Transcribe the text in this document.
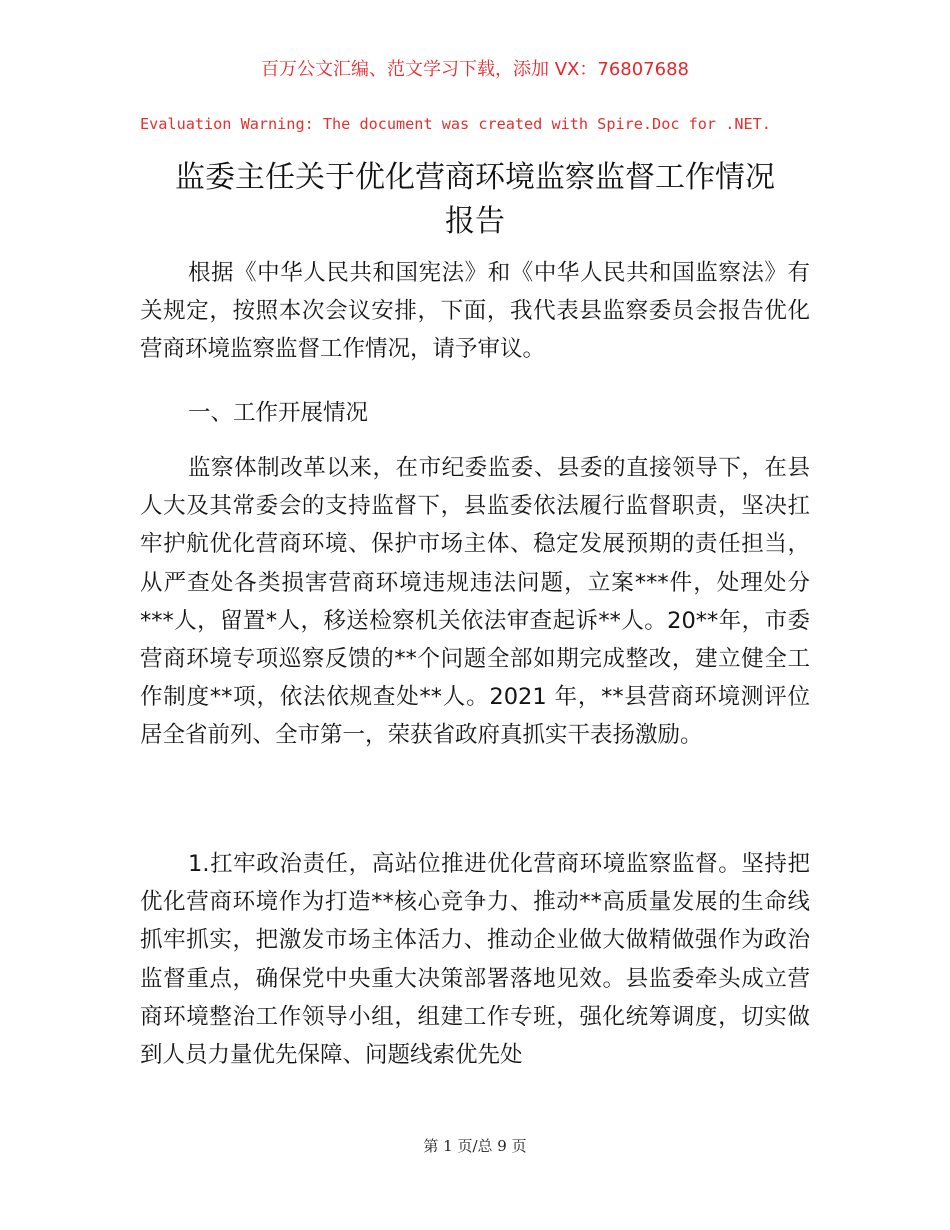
百万公文汇编、范文学习下载，添加 VX：76807688
Evaluation Warning: The document was created with Spire.Doc for .NET.
监委主任关于优化营商环境监察监督工作情况
报告

根据《中华人民共和国宪法》和《中华人民共和国监察法》有关规定，按照本次会议安排，下面，我代表县监察委员会报告优化营商环境监察监督工作情况，请予审议。

一、工作开展情况

监察体制改革以来，在市纪委监委、县委的直接领导下，在县人大及其常委会的支持监督下，县监委依法履行监督职责，坚决扛牢护航优化营商环境、保护市场主体、稳定发展预期的责任担当，从严查处各类损害营商环境违规违法问题，立案***件，处理处分***人，留置*人，移送检察机关依法审查起诉**人。20**年，市委营商环境专项巡察反馈的**个问题全部如期完成整改，建立健全工作制度**项，依法依规查处**人。2021 年，**县营商环境测评位居全省前列、全市第一，荣获省政府真抓实干表扬激励。

1.扛牢政治责任，高站位推进优化营商环境监察监督。坚持把优化营商环境作为打造**核心竞争力、推动**高质量发展的生命线抓牢抓实，把激发市场主体活力、推动企业做大做精做强作为政治监督重点，确保党中央重大决策部署落地见效。县监委牵头成立营商环境整治工作领导小组，组建工作专班，强化统筹调度，切实做到人员力量优先保障、问题线索优先处

第 1 页/总 9 页
